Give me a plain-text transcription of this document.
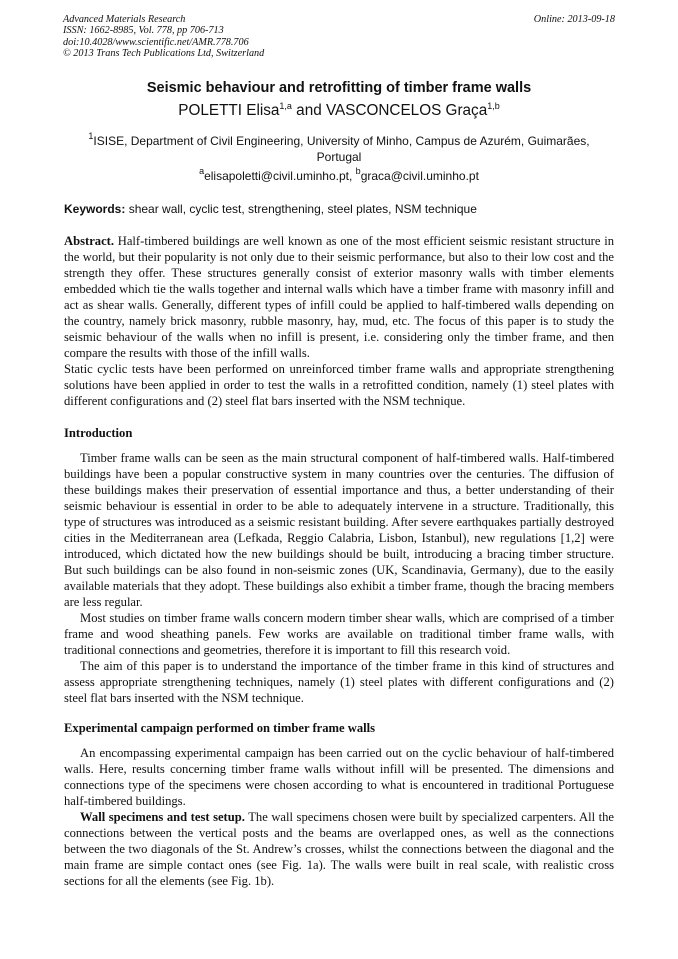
Advanced Materials Research
ISSN: 1662-8985, Vol. 778, pp 706-713
doi:10.4028/www.scientific.net/AMR.778.706
© 2013 Trans Tech Publications Ltd, Switzerland
Online: 2013-09-18
Seismic behaviour and retrofitting of timber frame walls
POLETTI Elisa$^{1,a}$ and VASCONCELOS Graça$^{1,b}$
$^1$ISISE, Department of Civil Engineering, University of Minho, Campus de Azurém, Guimarães, Portugal
$^a$elisapoletti@civil.uminho.pt, $^b$graca@civil.uminho.pt
Keywords: shear wall, cyclic test, strengthening, steel plates, NSM technique

Abstract. Half-timbered buildings are well known as one of the most efficient seismic resistant structure in the world, but their popularity is not only due to their seismic performance, but also to their low cost and the strength they offer. These structures generally consist of exterior masonry walls with timber elements embedded which tie the walls together and internal walls which have a timber frame with masonry infill and act as shear walls. Generally, different types of infill could be applied to half-timbered walls depending on the country, namely brick masonry, rubble masonry, hay, mud, etc. The focus of this paper is to study the seismic behaviour of the walls when no infill is present, i.e. considering only the timber frame, and then compare the results with those of the infill walls.

Static cyclic tests have been performed on unreinforced timber frame walls and appropriate strengthening solutions have been applied in order to test the walls in a retrofitted condition, namely (1) steel plates with different configurations and (2) steel flat bars inserted with the NSM technique.

Introduction

Timber frame walls can be seen as the main structural component of half-timbered walls. Half-timbered buildings have been a popular constructive system in many countries over the centuries. The diffusion of these buildings makes their preservation of essential importance and thus, a better understanding of their seismic behaviour is essential in order to be able to adequately intervene in a structure. Traditionally, this type of structures was introduced as a seismic resistant building. After severe earthquakes partially destroyed cities in the Mediterranean area (Lefkada, Reggio Calabria, Lisbon, Istanbul), new regulations [1,2] were introduced, which dictated how the new buildings should be built, introducing a bracing timber structure. But such buildings can be also found in non-seismic zones (UK, Scandinavia, Germany), due to the easily available materials that they adopt. These buildings also exhibit a timber frame, though the bracing members are less regular.

Most studies on timber frame walls concern modern timber shear walls, which are comprised of a timber frame and wood sheathing panels. Few works are available on traditional timber frame walls, with traditional connections and geometries, therefore it is important to fill this research void.

The aim of this paper is to understand the importance of the timber frame in this kind of structures and assess appropriate strengthening techniques, namely (1) steel plates with different configurations and (2) steel flat bars inserted with the NSM technique.

Experimental campaign performed on timber frame walls

An encompassing experimental campaign has been carried out on the cyclic behaviour of half-timbered walls. Here, results concerning timber frame walls without infill will be presented. The dimensions and connections type of the specimens were chosen according to what is encountered in traditional Portuguese half-timbered buildings.

Wall specimens and test setup. The wall specimens chosen were built by specialized carpenters. All the connections between the vertical posts and the beams are overlapped ones, as well as the connections between the two diagonals of the St. Andrew’s crosses, whilst the connections between the diagonal and the main frame are simple contact ones (see Fig. 1a). The walls were built in real scale, with realistic cross sections for all the elements (see Fig. 1b).
